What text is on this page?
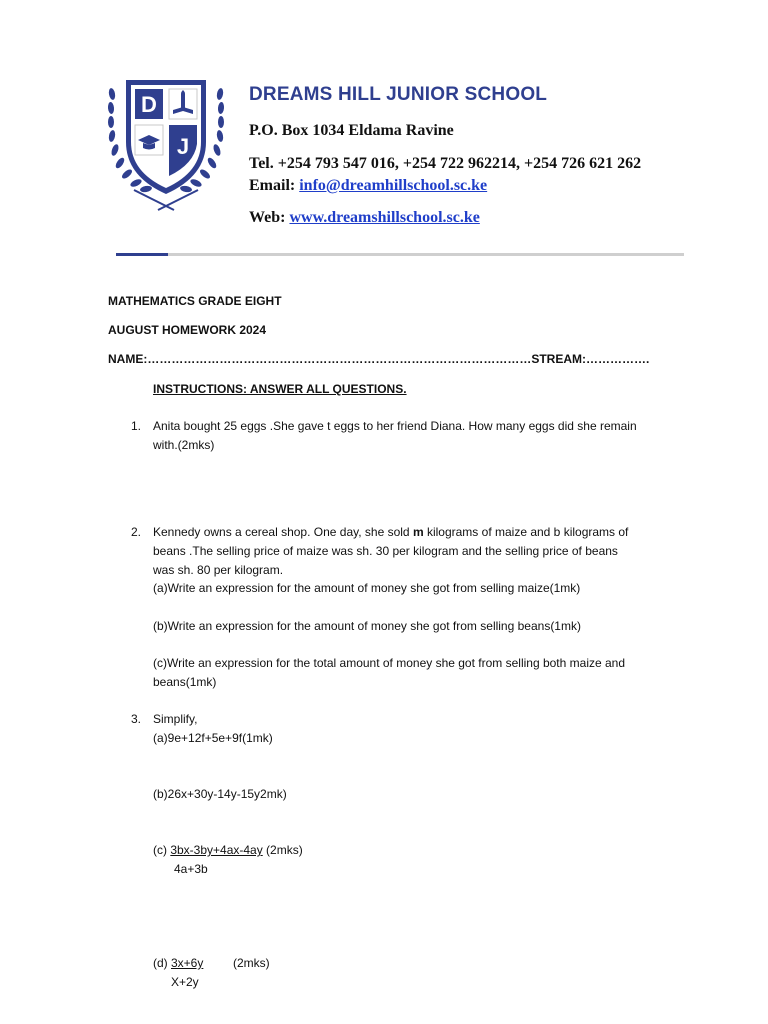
D
J
DREAMS HILL JUNIOR SCHOOL
P.O. Box 1034 Eldama Ravine
Tel. +254 793 547 016, +254 722 962214, +254 726 621 262
Email: info@dreamhillschool.sc.ke
Web: www.dreamshillschool.sc.ke
MATHEMATICS GRADE EIGHT
AUGUST HOMEWORK 2024
NAME:……………………………………………………………………………………STREAM:…………….
INSTRUCTIONS: ANSWER ALL QUESTIONS.
1. Anita bought 25 eggs .She gave t eggs to her friend Diana. How many eggs did she remain
with.(2mks)
2. Kennedy owns a cereal shop. One day, she sold m kilograms of maize and b kilograms of
beans .The selling price of maize was sh. 30 per kilogram and the selling price of beans
was sh. 80 per kilogram.
(a)Write an expression for the amount of money she got from selling maize(1mk)
(b)Write an expression for the amount of money she got from selling beans(1mk)
(c)Write an expression for the total amount of money she got from selling both maize and
beans(1mk)
3. Simplify,
(a)9e+12f+5e+9f(1mk)
(b)26x+30y-14y-15y2mk)
(c) 3bx-3by+4ax-4ay (2mks)
4a+3b
(d) 3x+6y (2mks)
X+2y
